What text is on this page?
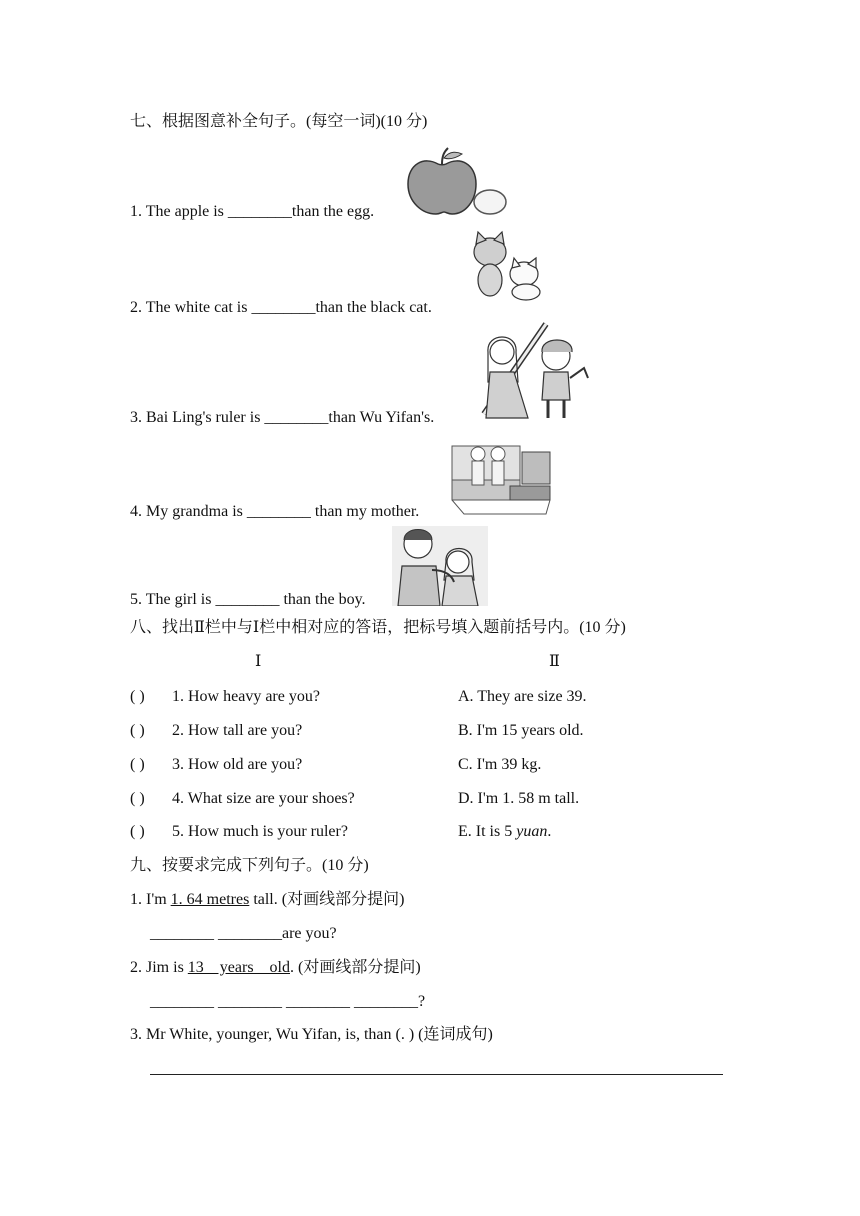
七、根据图意补全句子。(每空一词)(10 分)
1. The apple is ________than the egg.
2. The white cat is ________than the black cat.
3. Bai Ling's ruler is ________than Wu Yifan's.
4. My grandma is ________ than my mother.
5. The girl is ________ than the boy.
八、找出Ⅱ栏中与Ⅰ栏中相对应的答语，把标号填入题前括号内。(10 分)
Ⅰ	Ⅱ
( ) 1. How heavy are you?
( ) 2. How tall are you?
( ) 3. How old are you?
( ) 4. What size are your shoes?
( ) 5. How much is your ruler?
A. They are size 39.
B. I'm 15 years old.
C. I'm 39 kg.
D. I'm 1. 58 m tall.
E. It is 5 yuan.
九、按要求完成下列句子。(10 分)
1. I'm 1. 64 metres tall. (对画线部分提问)
________ ________are you?
2. Jim is 13    years    old. (对画线部分提问)
________ ________ ________ ________?
3. Mr White, younger, Wu Yifan, is, than (. ) (连词成句)
